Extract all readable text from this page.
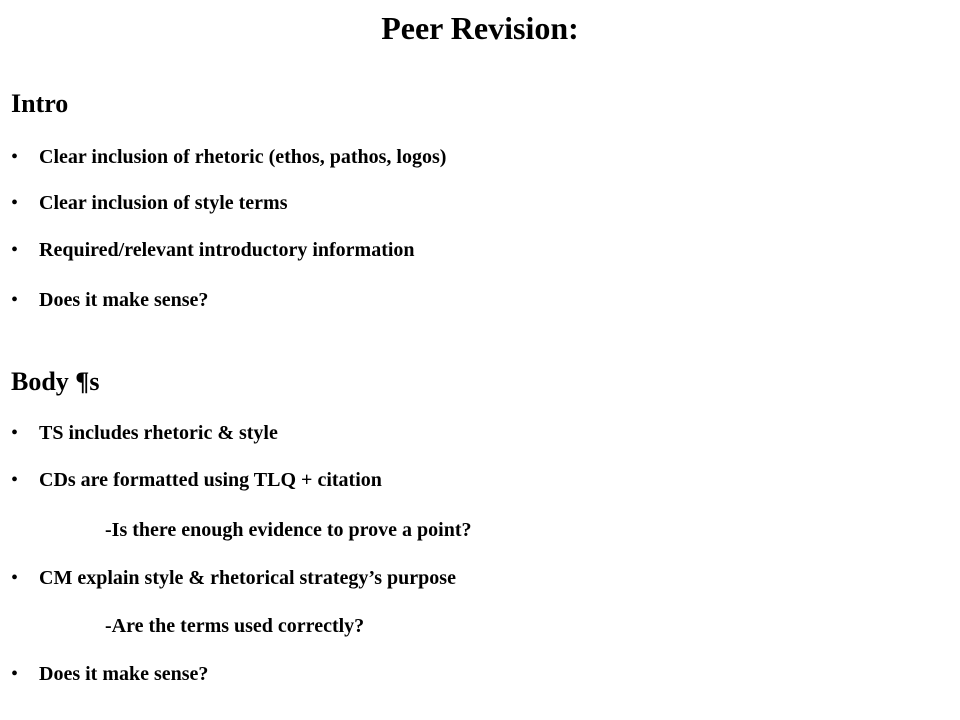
Peer Revision:
Intro
• Clear inclusion of rhetoric (ethos, pathos, logos)
• Clear inclusion of style terms
• Required/relevant introductory information
• Does it make sense?
Body ¶s
• TS includes rhetoric & style
• CDs are formatted using TLQ + citation
-Is there enough evidence to prove a point?
• CM explain style & rhetorical strategy’s purpose
-Are the terms used correctly?
• Does it make sense?
